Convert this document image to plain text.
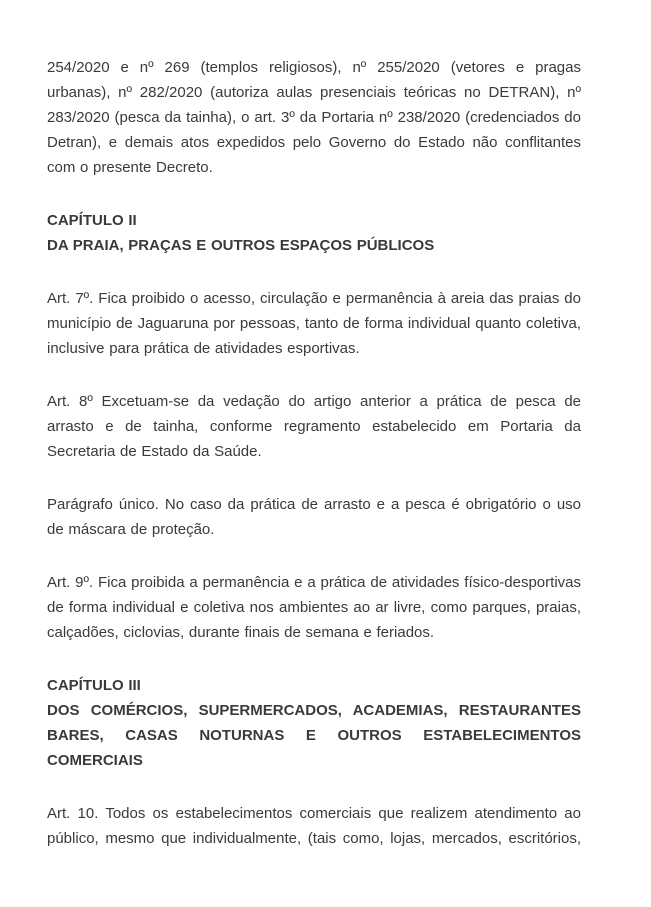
254/2020 e nº 269 (templos religiosos), nº 255/2020 (vetores e pragas urbanas), nº 282/2020 (autoriza aulas presenciais teóricas no DETRAN), nº 283/2020 (pesca da tainha), o art. 3º da Portaria nº 238/2020 (credenciados do Detran), e demais atos expedidos pelo Governo do Estado não conflitantes com o presente Decreto.

CAPÍTULO II
DA PRAIA, PRAÇAS E OUTROS ESPAÇOS PÚBLICOS

Art. 7º. Fica proibido o acesso, circulação e permanência à areia das praias do município de Jaguaruna por pessoas, tanto de forma individual quanto coletiva, inclusive para prática de atividades esportivas.

Art. 8º Excetuam-se da vedação do artigo anterior a prática de pesca de arrasto e de tainha, conforme regramento estabelecido em Portaria da Secretaria de Estado da Saúde.

Parágrafo único. No caso da prática de arrasto e a pesca é obrigatório o uso de máscara de proteção.

Art. 9º. Fica proibida a permanência e a prática de atividades físico-desportivas de forma individual e coletiva nos ambientes ao ar livre, como parques, praias, calçadões, ciclovias, durante finais de semana e feriados.

CAPÍTULO III
DOS COMÉRCIOS, SUPERMERCADOS, ACADEMIAS, RESTAURANTES BARES, CASAS NOTURNAS E OUTROS ESTABELECIMENTOS COMERCIAIS

Art. 10. Todos os estabelecimentos comerciais que realizem atendimento ao público, mesmo que individualmente, (tais como, lojas, mercados, escritórios,
